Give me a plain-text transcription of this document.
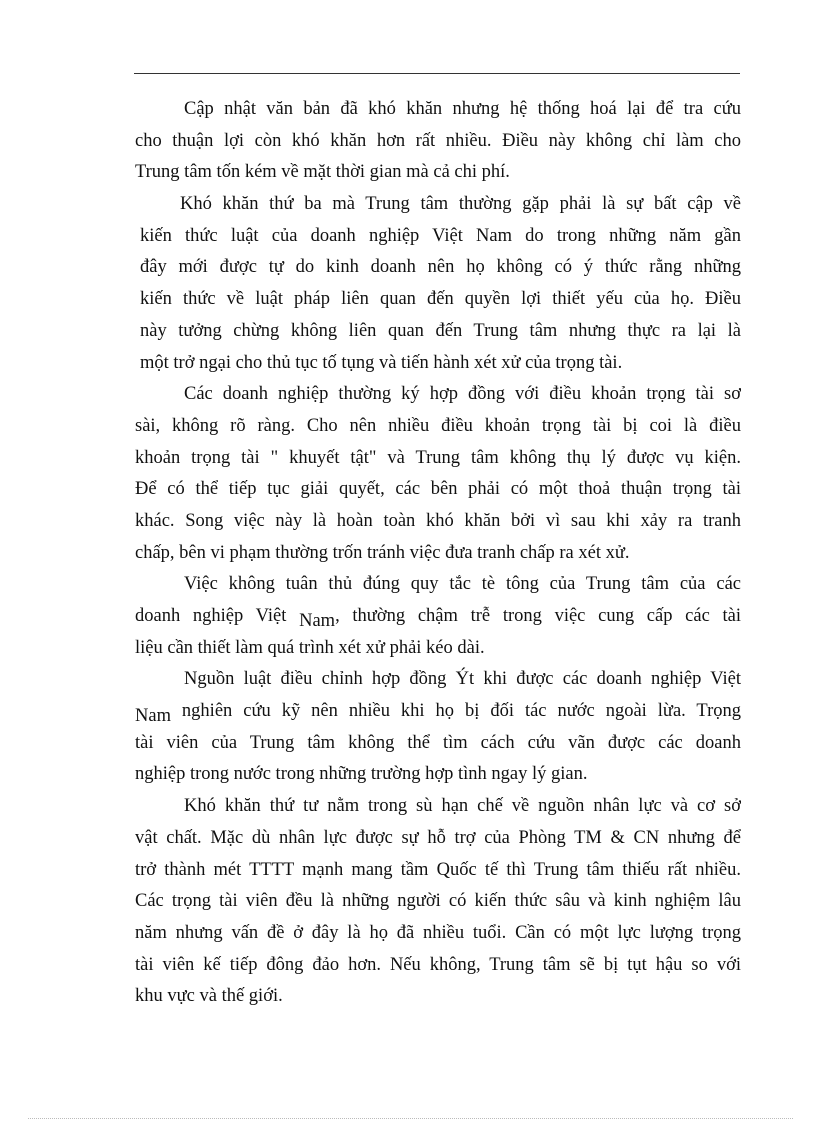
Cập nhật văn bản đã khó khăn nhưng hệ thống hoá lại để tra cứu
cho thuận lợi còn khó khăn hơn rất nhiều. Điều này không chỉ làm cho
Trung tâm tốn kém về mặt thời gian mà cả chi phí.
Khó khăn thứ ba mà Trung tâm thường gặp phải là sự bất cập về
kiến thức luật của doanh nghiệp Việt Nam do trong những năm gần
đây mới được tự do kinh doanh nên họ không có ý thức rằng những
kiến thức về luật pháp liên quan đến quyền lợi thiết yếu của họ. Điều
này tưởng chừng không liên quan đến Trung tâm nhưng thực ra lại là
một trở ngại cho thủ tục tố tụng và tiến hành xét xử của trọng tài.
Các doanh nghiệp thường ký hợp đồng với điều khoản trọng tài sơ
sài, không rõ ràng. Cho nên nhiều điều khoản trọng tài bị coi là điều
khoản trọng tài " khuyết tật" và Trung tâm không thụ lý được vụ kiện.
Để có thể tiếp tục giải quyết, các bên phải có một thoả thuận trọng tài
khác. Song việc này là hoàn toàn khó khăn bởi vì sau khi xảy ra tranh
chấp, bên vi phạm thường trốn tránh việc đưa tranh chấp ra xét xử.
Việc không tuân thủ đúng quy tắc tè tông của Trung tâm của các
doanh nghiệp Việt Nam, thường chậm trễ trong việc cung cấp các tài
liệu cần thiết làm quá trình xét xử phải kéo dài.
Nguồn luật điều chỉnh hợp đồng Ýt khi được các doanh nghiệp Việt
Nam nghiên cứu kỹ nên nhiều khi họ bị đối tác nước ngoài lừa. Trọng
tài viên của Trung tâm không thể tìm cách cứu vãn được các doanh
nghiệp trong nước trong những trường hợp tình ngay lý gian.
Khó khăn thứ tư nằm trong sù hạn chế về nguồn nhân lực và cơ sở
vật chất. Mặc dù nhân lực được sự hỗ trợ của Phòng TM & CN nhưng để
trở thành mét TTTT mạnh mang tầm Quốc tế thì Trung tâm thiếu rất nhiều.
Các trọng tài viên đều là những người có kiến thức sâu và kinh nghiệm lâu
năm nhưng vấn đề ở đây là họ đã nhiều tuổi. Cần có một lực lượng trọng
tài viên kế tiếp đông đảo hơn. Nếu không, Trung tâm sẽ bị tụt hậu so với
khu vực và thế giới.
